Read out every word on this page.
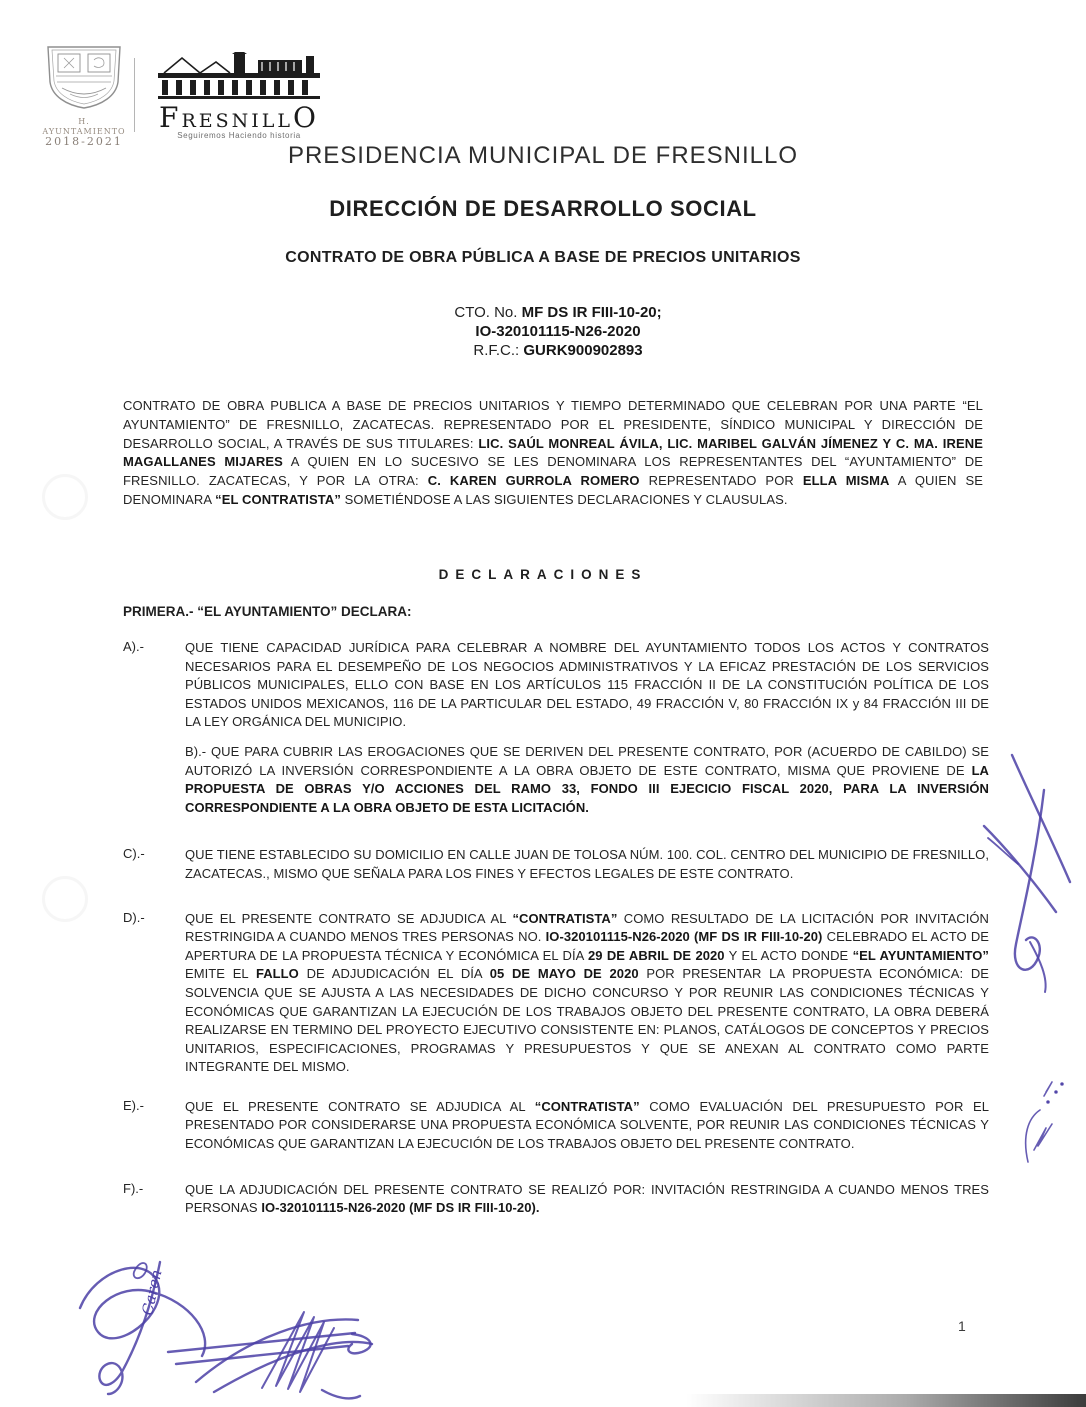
H. AYUNTAMIENTO
2018-2021
F RESNILL O
Seguiremos Haciendo historia
PRESIDENCIA MUNICIPAL DE FRESNILLO
DIRECCIÓN DE DESARROLLO SOCIAL
CONTRATO DE OBRA PÚBLICA A BASE DE PRECIOS UNITARIOS
CTO. No. MF DS IR FIII-10-20;
IO-320101115-N26-2020
R.F.C.: GURK900902893
CONTRATO DE OBRA PUBLICA A BASE DE PRECIOS UNITARIOS Y TIEMPO DETERMINADO QUE CELEBRAN POR UNA PARTE “EL AYUNTAMIENTO” DE FRESNILLO, ZACATECAS. REPRESENTADO POR EL PRESIDENTE, SÍNDICO MUNICIPAL Y DIRECCIÓN DE DESARROLLO SOCIAL, A TRAVÉS DE SUS TITULARES: LIC. SAÚL MONREAL ÁVILA, LIC. MARIBEL GALVÁN JÍMENEZ Y C. MA. IRENE MAGALLANES MIJARES A QUIEN EN LO SUCESIVO SE LES DENOMINARA LOS REPRESENTANTES DEL “AYUNTAMIENTO” DE FRESNILLO. ZACATECAS, Y POR LA OTRA: C. KAREN GURROLA ROMERO REPRESENTADO POR ELLA MISMA A QUIEN SE DENOMINARA “EL CONTRATISTA” SOMETIÉNDOSE A LAS SIGUIENTES DECLARACIONES Y CLAUSULAS.
DECLARACIONES
PRIMERA.- “EL AYUNTAMIENTO” DECLARA:
A).-	QUE TIENE CAPACIDAD JURÍDICA PARA CELEBRAR A NOMBRE DEL AYUNTAMIENTO TODOS LOS ACTOS Y CONTRATOS NECESARIOS PARA EL DESEMPEÑO DE LOS NEGOCIOS ADMINISTRATIVOS Y LA EFICAZ PRESTACIÓN DE LOS SERVICIOS PÚBLICOS MUNICIPALES, ELLO CON BASE EN LOS ARTÍCULOS 115 FRACCIÓN II DE LA CONSTITUCIÓN POLÍTICA DE LOS ESTADOS UNIDOS MEXICANOS, 116 DE LA PARTICULAR DEL ESTADO, 49 FRACCIÓN V, 80 FRACCIÓN IX y 84 FRACCIÓN III DE LA LEY ORGÁNICA DEL MUNICIPIO.
B).- QUE PARA CUBRIR LAS EROGACIONES QUE SE DERIVEN DEL PRESENTE CONTRATO, POR (ACUERDO DE CABILDO) SE AUTORIZÓ LA INVERSIÓN CORRESPONDIENTE A LA OBRA OBJETO DE ESTE CONTRATO, MISMA QUE PROVIENE DE LA PROPUESTA DE OBRAS Y/O ACCIONES DEL RAMO 33, FONDO III EJECICIO FISCAL 2020, PARA LA INVERSIÓN CORRESPONDIENTE A LA OBRA OBJETO DE ESTA LICITACIÓN.
C).-	QUE TIENE ESTABLECIDO SU DOMICILIO EN CALLE JUAN DE TOLOSA NÚM. 100. COL. CENTRO DEL MUNICIPIO DE FRESNILLO, ZACATECAS., MISMO QUE SEÑALA PARA LOS FINES Y EFECTOS LEGALES DE ESTE CONTRATO.
D).-	QUE EL PRESENTE CONTRATO SE ADJUDICA AL “CONTRATISTA” COMO RESULTADO DE LA LICITACIÓN POR INVITACIÓN RESTRINGIDA A CUANDO MENOS TRES PERSONAS NO. IO-320101115-N26-2020 (MF DS IR FIII-10-20) CELEBRADO EL ACTO DE APERTURA DE LA PROPUESTA TÉCNICA Y ECONÓMICA EL DÍA 29 DE ABRIL DE 2020 Y EL ACTO DONDE “EL AYUNTAMIENTO” EMITE EL FALLO DE ADJUDICACIÓN EL DÍA 05 DE MAYO DE 2020 POR PRESENTAR LA PROPUESTA ECONÓMICA: DE SOLVENCIA QUE SE AJUSTA A LAS NECESIDADES DE DICHO CONCURSO Y POR REUNIR LAS CONDICIONES TÉCNICAS Y ECONÓMICAS QUE GARANTIZAN LA EJECUCIÓN DE LOS TRABAJOS OBJETO DEL PRESENTE CONTRATO, LA OBRA DEBERÁ REALIZARSE EN TERMINO DEL PROYECTO EJECUTIVO CONSISTENTE EN: PLANOS, CATÁLOGOS DE CONCEPTOS Y PRECIOS UNITARIOS, ESPECIFICACIONES, PROGRAMAS Y PRESUPUESTOS Y QUE SE ANEXAN AL CONTRATO COMO PARTE INTEGRANTE DEL MISMO.
E).-	QUE EL PRESENTE CONTRATO SE ADJUDICA AL “CONTRATISTA” COMO EVALUACIÓN DEL PRESUPUESTO POR EL PRESENTADO POR CONSIDERARSE UNA PROPUESTA ECONÓMICA SOLVENTE, POR REUNIR LAS CONDICIONES TÉCNICAS Y ECONÓMICAS QUE GARANTIZAN LA EJECUCIÓN DE LOS TRABAJOS OBJETO DEL PRESENTE CONTRATO.
F).-	QUE LA ADJUDICACIÓN DEL PRESENTE CONTRATO SE REALIZÓ POR: INVITACIÓN RESTRINGIDA A CUANDO MENOS TRES PERSONAS IO-320101115-N26-2020 (MF DS IR FIII-10-20).
1
Caren
